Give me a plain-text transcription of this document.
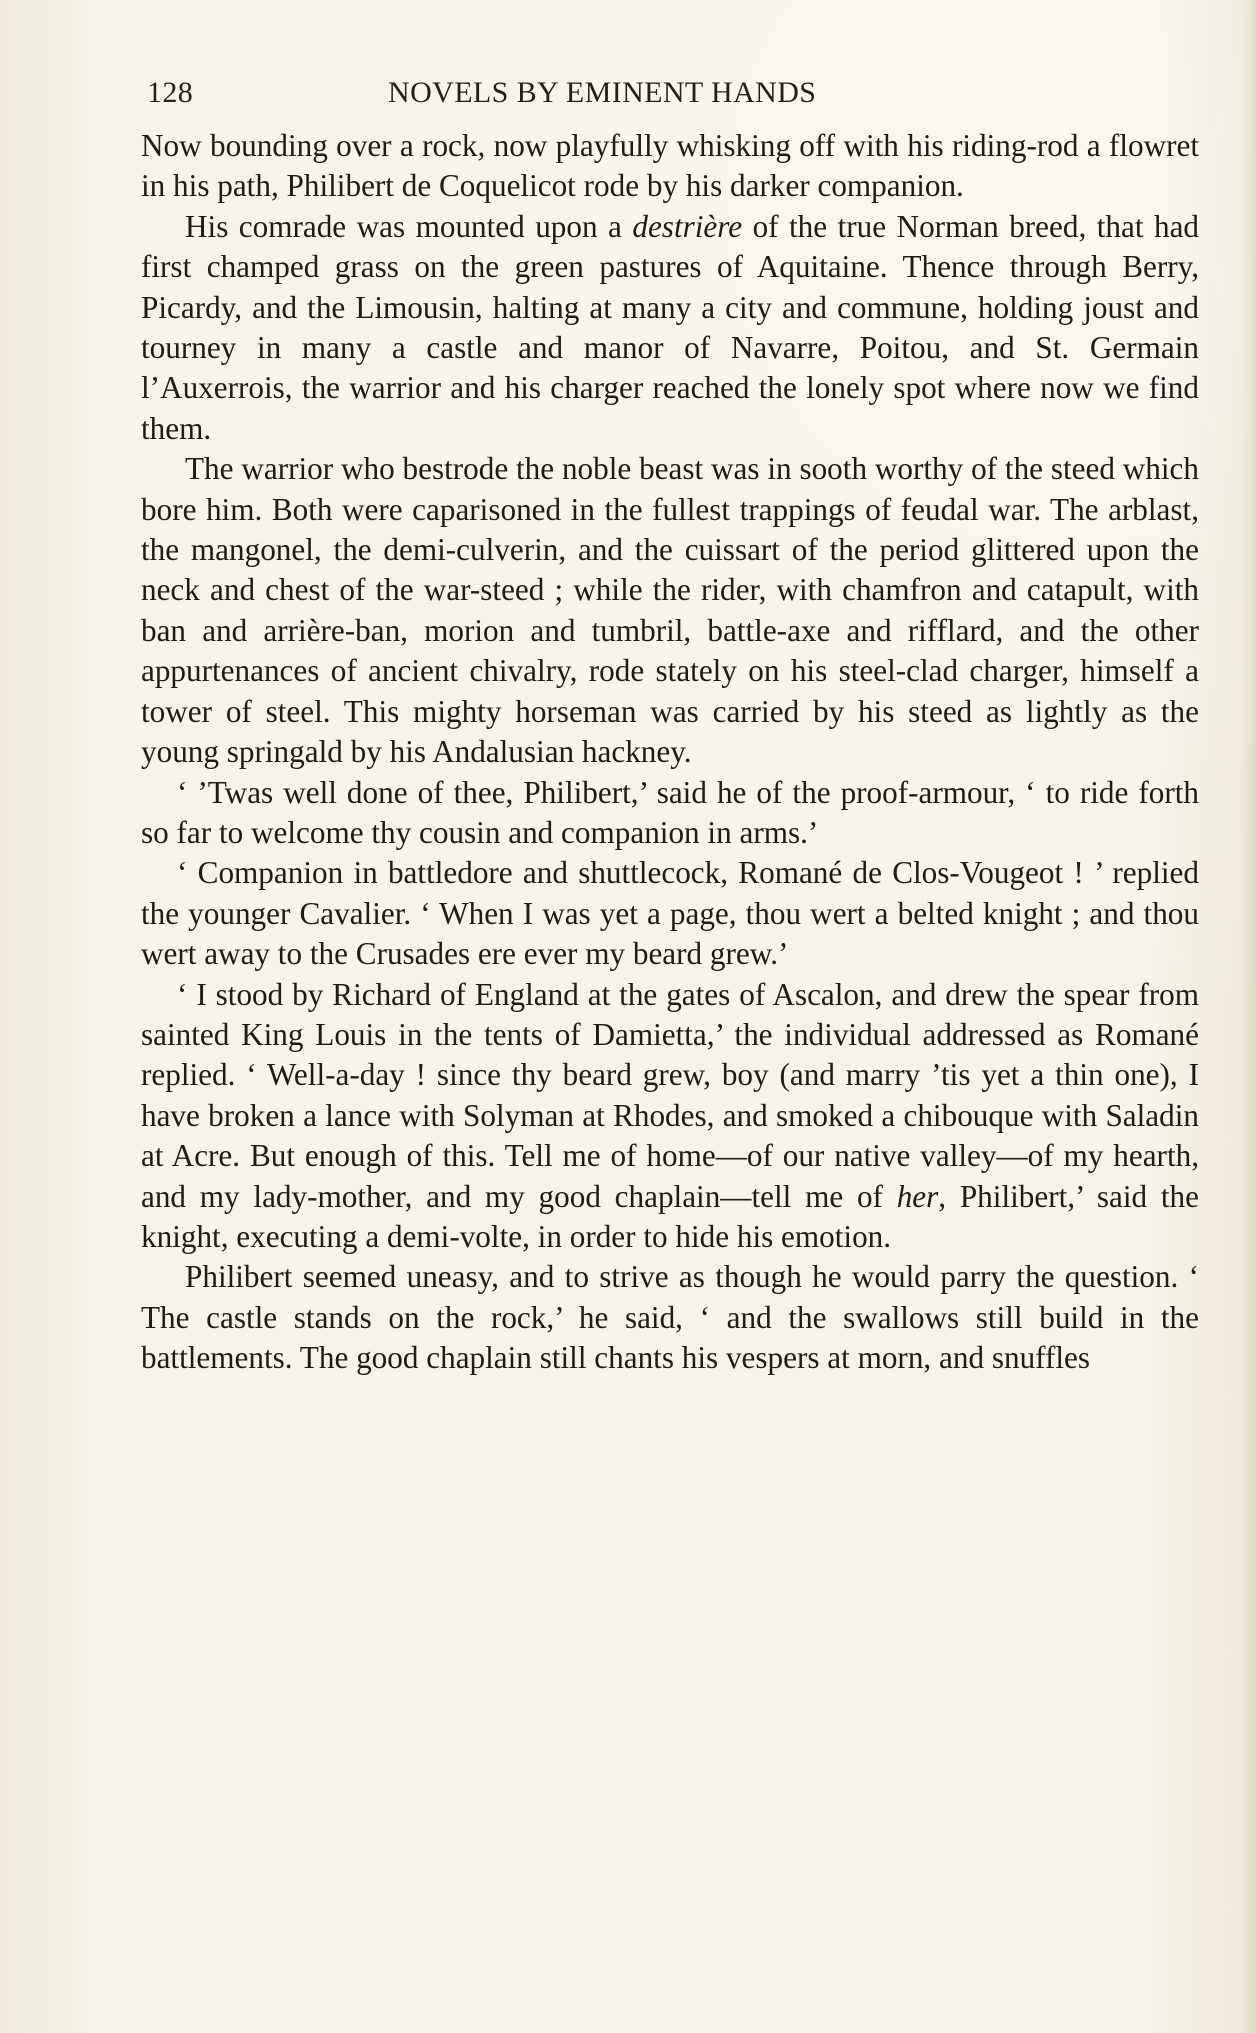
128	NOVELS BY EMINENT HANDS

Now bounding over a rock, now playfully whisking off with his riding-rod a flowret in his path, Philibert de Coquelicot rode by his darker companion.

His comrade was mounted upon a destrière of the true Norman breed, that had first champed grass on the green pastures of Aquitaine. Thence through Berry, Picardy, and the Limousin, halting at many a city and commune, holding joust and tourney in many a castle and manor of Navarre, Poitou, and St. Germain l’Auxerrois, the warrior and his charger reached the lonely spot where now we find them.

The warrior who bestrode the noble beast was in sooth worthy of the steed which bore him. Both were caparisoned in the fullest trappings of feudal war. The arblast, the mangonel, the demi-culverin, and the cuissart of the period glittered upon the neck and chest of the war-steed ; while the rider, with chamfron and catapult, with ban and arrière-ban, morion and tumbril, battle-axe and rifflard, and the other appurtenances of ancient chivalry, rode stately on his steel-clad charger, himself a tower of steel. This mighty horseman was carried by his steed as lightly as the young springald by his Andalusian hackney.

‘ ’Twas well done of thee, Philibert,’ said he of the proof-armour, ‘ to ride forth so far to welcome thy cousin and companion in arms.’

‘ Companion in battledore and shuttlecock, Romané de Clos-Vougeot ! ’ replied the younger Cavalier. ‘ When I was yet a page, thou wert a belted knight ; and thou wert away to the Crusades ere ever my beard grew.’

‘ I stood by Richard of England at the gates of Ascalon, and drew the spear from sainted King Louis in the tents of Damietta,’ the individual addressed as Romané replied. ‘ Well-a-day ! since thy beard grew, boy (and marry ’tis yet a thin one), I have broken a lance with Solyman at Rhodes, and smoked a chibouque with Saladin at Acre. But enough of this. Tell me of home—of our native valley—of my hearth, and my lady-mother, and my good chaplain—tell me of her, Philibert,’ said the knight, executing a demi-volte, in order to hide his emotion.

Philibert seemed uneasy, and to strive as though he would parry the question. ‘ The castle stands on the rock,’ he said, ‘ and the swallows still build in the battlements. The good chaplain still chants his vespers at morn, and snuffles
